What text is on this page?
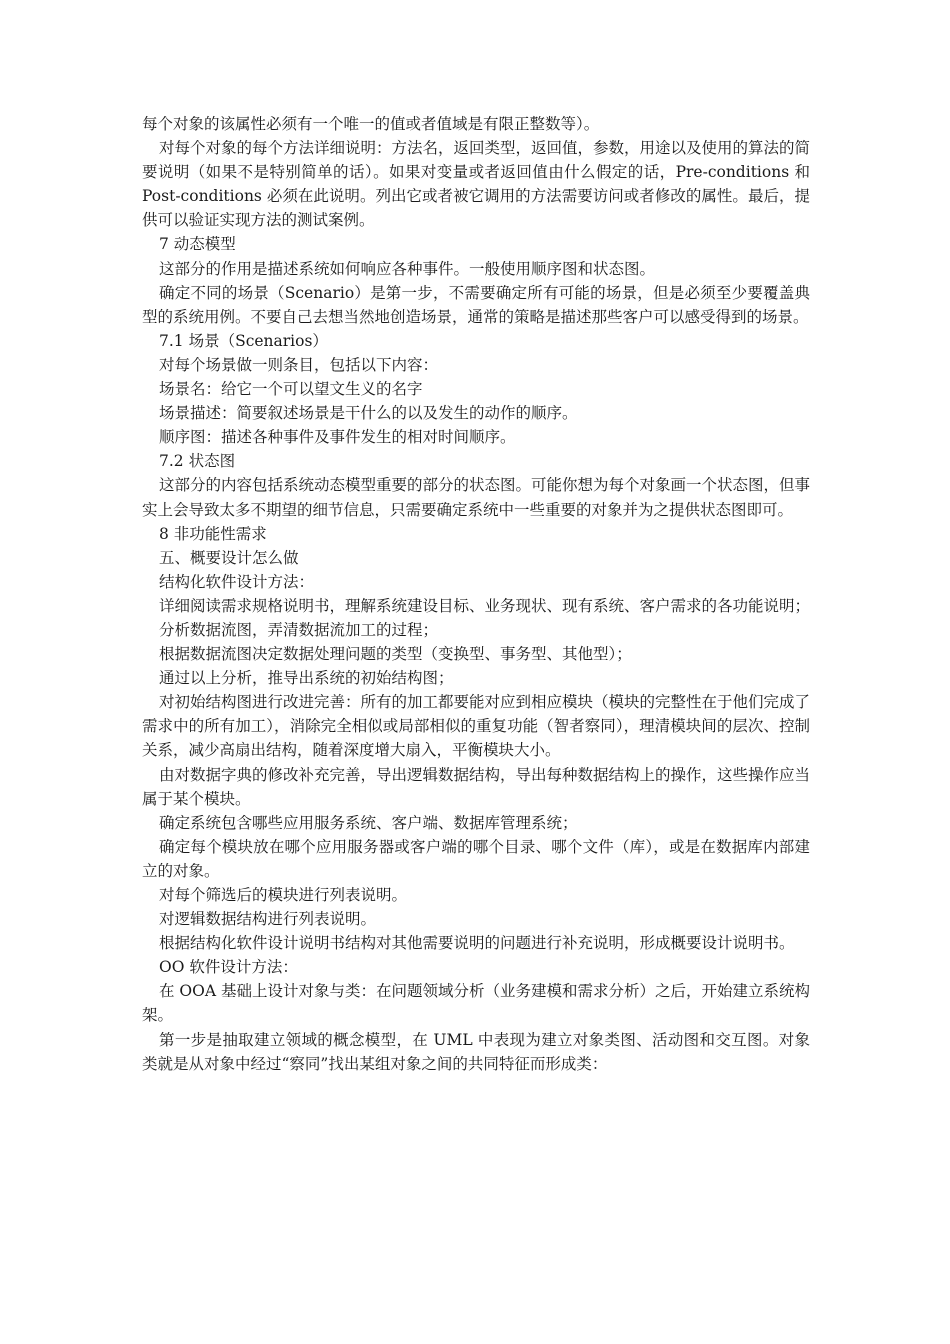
每个对象的该属性必须有一个唯一的值或者值域是有限正整数等）。

对每个对象的每个方法详细说明：方法名，返回类型，返回值，参数，用途以及使用的算法的简要说明（如果不是特别简单的话）。如果对变量或者返回值由什么假定的话，Pre-conditions 和 Post-conditions 必须在此说明。列出它或者被它调用的方法需要访问或者修改的属性。最后，提供可以验证实现方法的测试案例。

7 动态模型

这部分的作用是描述系统如何响应各种事件。一般使用顺序图和状态图。

确定不同的场景（Scenario）是第一步，不需要确定所有可能的场景，但是必须至少要覆盖典型的系统用例。不要自己去想当然地创造场景，通常的策略是描述那些客户可以感受得到的场景。

7.1 场景（Scenarios）

对每个场景做一则条目，包括以下内容：

场景名：给它一个可以望文生义的名字

场景描述：简要叙述场景是干什么的以及发生的动作的顺序。

顺序图：描述各种事件及事件发生的相对时间顺序。

7.2 状态图

这部分的内容包括系统动态模型重要的部分的状态图。可能你想为每个对象画一个状态图，但事实上会导致太多不期望的细节信息，只需要确定系统中一些重要的对象并为之提供状态图即可。

8 非功能性需求

五、概要设计怎么做

结构化软件设计方法：

详细阅读需求规格说明书，理解系统建设目标、业务现状、现有系统、客户需求的各功能说明；

分析数据流图，弄清数据流加工的过程；

根据数据流图决定数据处理问题的类型（变换型、事务型、其他型）；

通过以上分析，推导出系统的初始结构图；

对初始结构图进行改进完善：所有的加工都要能对应到相应模块（模块的完整性在于他们完成了需求中的所有加工），消除完全相似或局部相似的重复功能（智者察同），理清模块间的层次、控制关系，减少高扇出结构，随着深度增大扇入，平衡模块大小。

由对数据字典的修改补充完善，导出逻辑数据结构，导出每种数据结构上的操作，这些操作应当属于某个模块。

确定系统包含哪些应用服务系统、客户端、数据库管理系统；

确定每个模块放在哪个应用服务器或客户端的哪个目录、哪个文件（库），或是在数据库内部建立的对象。

对每个筛选后的模块进行列表说明。

对逻辑数据结构进行列表说明。

根据结构化软件设计说明书结构对其他需要说明的问题进行补充说明，形成概要设计说明书。

OO 软件设计方法：

在 OOA 基础上设计对象与类：在问题领域分析（业务建模和需求分析）之后，开始建立系统构架。

第一步是抽取建立领域的概念模型，在 UML 中表现为建立对象类图、活动图和交互图。对象类就是从对象中经过“察同”找出某组对象之间的共同特征而形成类：
